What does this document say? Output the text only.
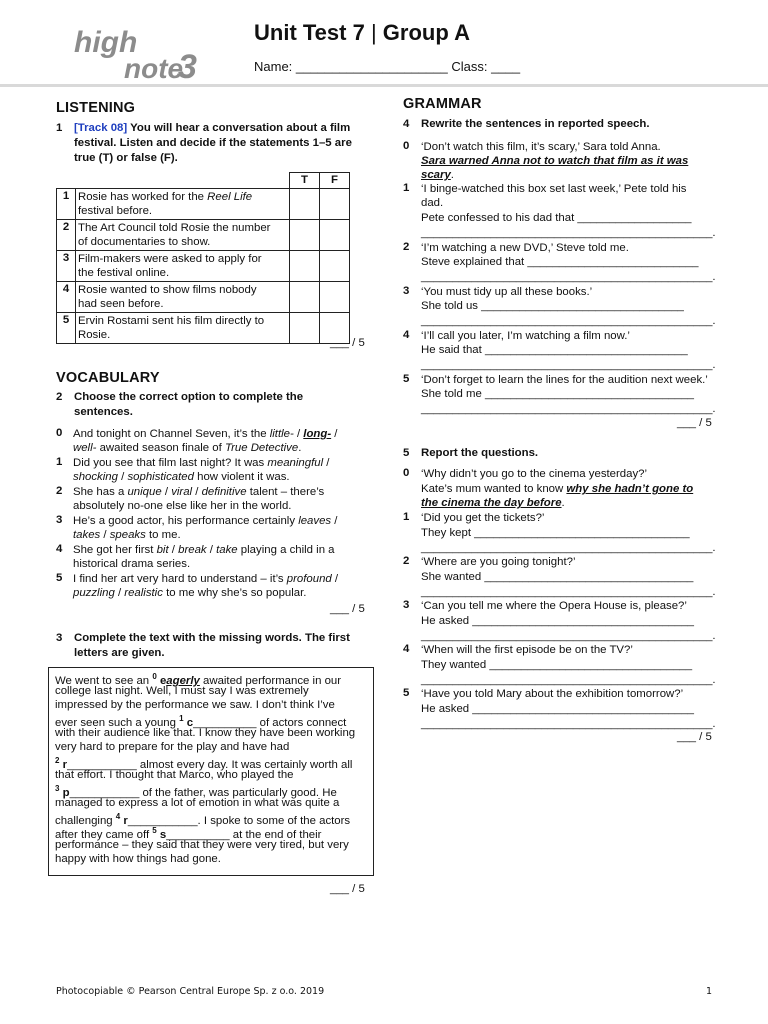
high
note
3
Unit Test 7 | Group A
Name: _____________________ Class: ____
LISTENING
1 [Track 08] You will hear a conversation about a film
festival. Listen and decide if the statements 1–5 are
true (T) or false (F).
		T	F
1	Rosie has worked for the Reel Life
festival before.		
2	The Art Council told Rosie the number
of documentaries to show.		
3	Film-makers were asked to apply for
the festival online.		
4	Rosie wanted to show films nobody
had seen before.		
5	Ervin Rostami sent his film directly to
Rosie.		
___ / 5
VOCABULARY
2 Choose the correct option to complete the
sentences.
0 And tonight on Channel Seven, it’s the little- / long- /
well- awaited season finale of True Detective.
1 Did you see that film last night? It was meaningful /
shocking / sophisticated how violent it was.
2 She has a unique / viral / definitive talent – there’s
absolutely no-one else like her in the world.
3 He’s a good actor, his performance certainly leaves /
takes / speaks to me.
4 She got her first bit / break / take playing a child in a
historical drama series.
5 I find her art very hard to understand – it’s profound /
puzzling / realistic to me why she’s so popular.
___ / 5
3 Complete the text with the missing words. The first
letters are given.
We went to see an $^0$ eagerly awaited performance in our
college last night. Well, I must say I was extremely
impressed by the performance we saw. I don’t think I’ve
ever seen such a young $^1$ c__________ of actors connect
with their audience like that. I know they have been working
very hard to prepare for the play and have had
$^2$ r___________ almost every day. It was certainly worth all
that effort. I thought that Marco, who played the
$^3$ p___________ of the father, was particularly good. He
managed to express a lot of emotion in what was quite a
challenging $^4$ r___________. I spoke to some of the actors
after they came off $^5$ s__________ at the end of their
performance – they said that they were very tired, but very
happy with how things had gone.
___ / 5
GRAMMAR
4 Rewrite the sentences in reported speech.
0 ‘Don’t watch this film, it’s scary,’ Sara told Anna.
Sara warned Anna not to watch that film as it was
scary.
1 ‘I binge-watched this box set last week,’ Pete told his
dad.
Pete confessed to his dad that __________________
______________________________________________.
2 ‘I’m watching a new DVD,’ Steve told me.
Steve explained that ___________________________
______________________________________________.
3 ‘You must tidy up all these books.’
She told us ________________________________
______________________________________________.
4 ‘I’ll call you later, I’m watching a film now.’
He said that ________________________________
______________________________________________.
5 ‘Don’t forget to learn the lines for the audition next week.’
She told me _________________________________
______________________________________________.
___ / 5
5 Report the questions.
0 ‘Why didn’t you go to the cinema yesterday?’
Kate’s mum wanted to know why she hadn’t gone to
the cinema the day before.
1 ‘Did you get the tickets?’
They kept __________________________________
______________________________________________.
2 ‘Where are you going tonight?’
She wanted _________________________________
______________________________________________.
3 ‘Can you tell me where the Opera House is, please?’
He asked ___________________________________
______________________________________________.
4 ‘When will the first episode be on the TV?’
They wanted ________________________________
______________________________________________.
5 ‘Have you told Mary about the exhibition tomorrow?’
He asked ___________________________________
______________________________________________.
___ / 5
Photocopiable © Pearson Central Europe Sp. z o.o. 2019	1
